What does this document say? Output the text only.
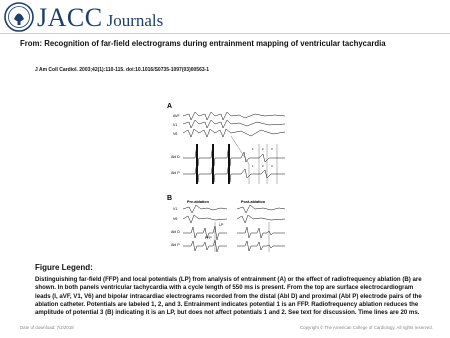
JACC Journals
From: Recognition of far-field electrograms during entrainment mapping of ventricular tachycardia
J Am Coll Cardiol. 2003;42(1):110-115. doi:10.1016/S0735-1097(03)00563-1
A
AVF
V1
V6
Abl D
Abl P
1	2 3
1	2 3
B	Pre-ablation	Post-ablation
V1
V6
Abl D
Abl P
LP
FFP
Figure Legend:
Distinguishing far-field (FFP) and local potentials (LP) from analysis of entrainment (A) or the effect of radiofrequency ablation (B) are shown. In both panels ventricular tachycardia with a cycle length of 550 ms is present. From the top are surface electrocardiogram leads (I, aVF, V1, V6) and bipolar intracardiac electrograms recorded from the distal (Abl D) and proximal (Abl P) electrode pairs of the ablation catheter. Potentials are labeled 1, 2, and 3. Entrainment indicates potential 1 is an FFP. Radiofrequency ablation reduces the amplitude of potential 3 (B) indicating it is an LP, but does not affect potentials 1 and 2. See text for discussion. Time lines are 20 ms.
Date of download: 7/2/2018	Copyright © The American College of Cardiology. All rights reserved.
